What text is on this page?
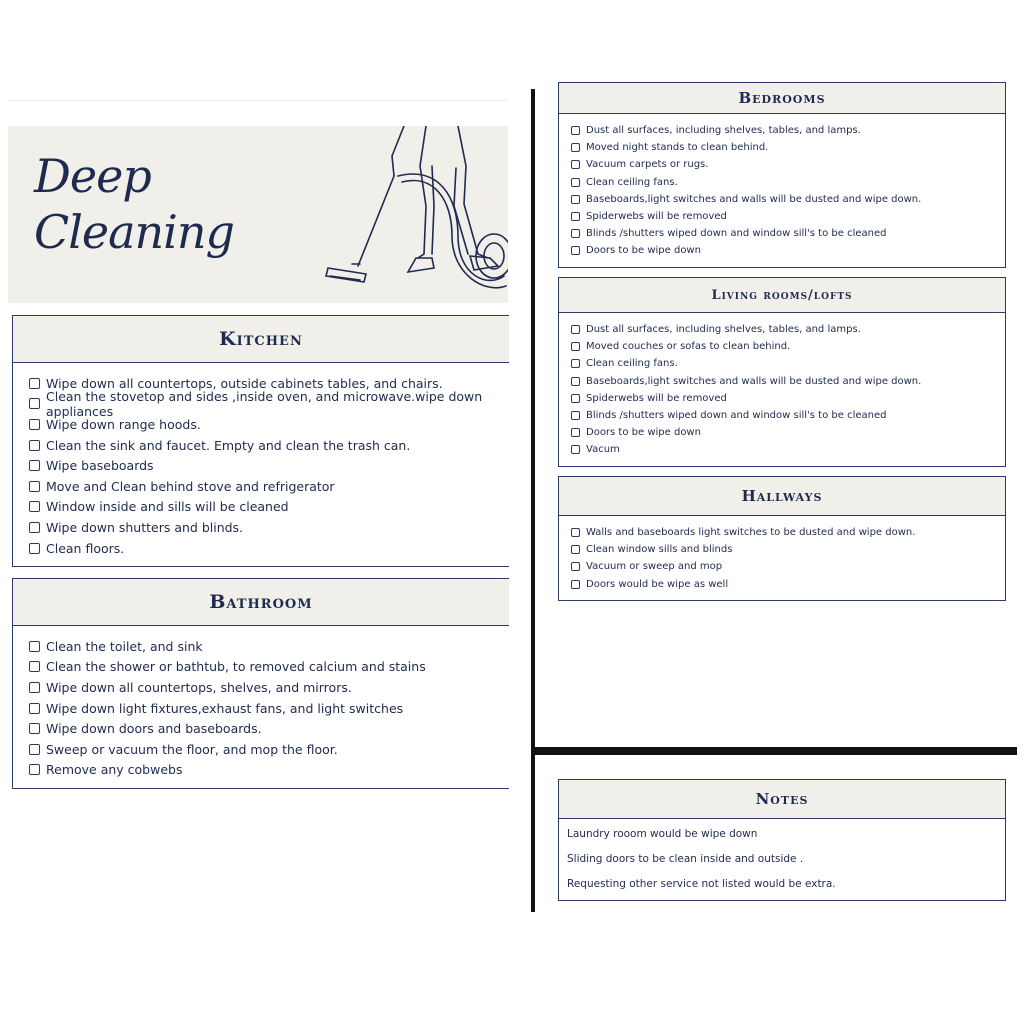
Deep
Cleaning
Kitchen
Wipe down all countertops, outside cabinets tables, and chairs.
Clean the stovetop and sides ,inside oven, and microwave.wipe down appliances
Wipe down range hoods.
Clean the sink and faucet. Empty and clean the trash can.
Wipe baseboards
Move and Clean behind stove and refrigerator
Window inside and sills will be cleaned
Wipe down shutters and blinds.
Clean floors.
Bathroom
Clean the toilet, and sink
Clean the shower or bathtub, to removed calcium and stains
Wipe down all countertops, shelves, and mirrors.
Wipe down light fixtures,exhaust fans, and light switches
Wipe down doors and baseboards.
Sweep or vacuum the floor, and mop the floor.
Remove any cobwebs
Bedrooms
Dust all surfaces, including shelves, tables, and lamps.
Moved night stands to clean behind.
Vacuum carpets or rugs.
Clean ceiling fans.
Baseboards,light switches and walls will be dusted and wipe down.
Spiderwebs will be removed
Blinds /shutters wiped down and window sill's to be cleaned
Doors to be wipe down
Living rooms/lofts
Dust all surfaces, including shelves, tables, and lamps.
Moved couches or sofas to clean behind.
Clean ceiling fans.
Baseboards,light switches and walls will be dusted and wipe down.
Spiderwebs will be removed
Blinds /shutters wiped down and window sill's to be cleaned
Doors to be wipe down
Vacum
Hallways
Walls and baseboards light switches to be dusted and wipe down.
Clean window sills and blinds
Vacuum or sweep and mop
Doors would be wipe as well
Notes
Laundry rooom would be wipe down
Sliding doors to be clean inside and outside .
Requesting other service not listed would be extra.
